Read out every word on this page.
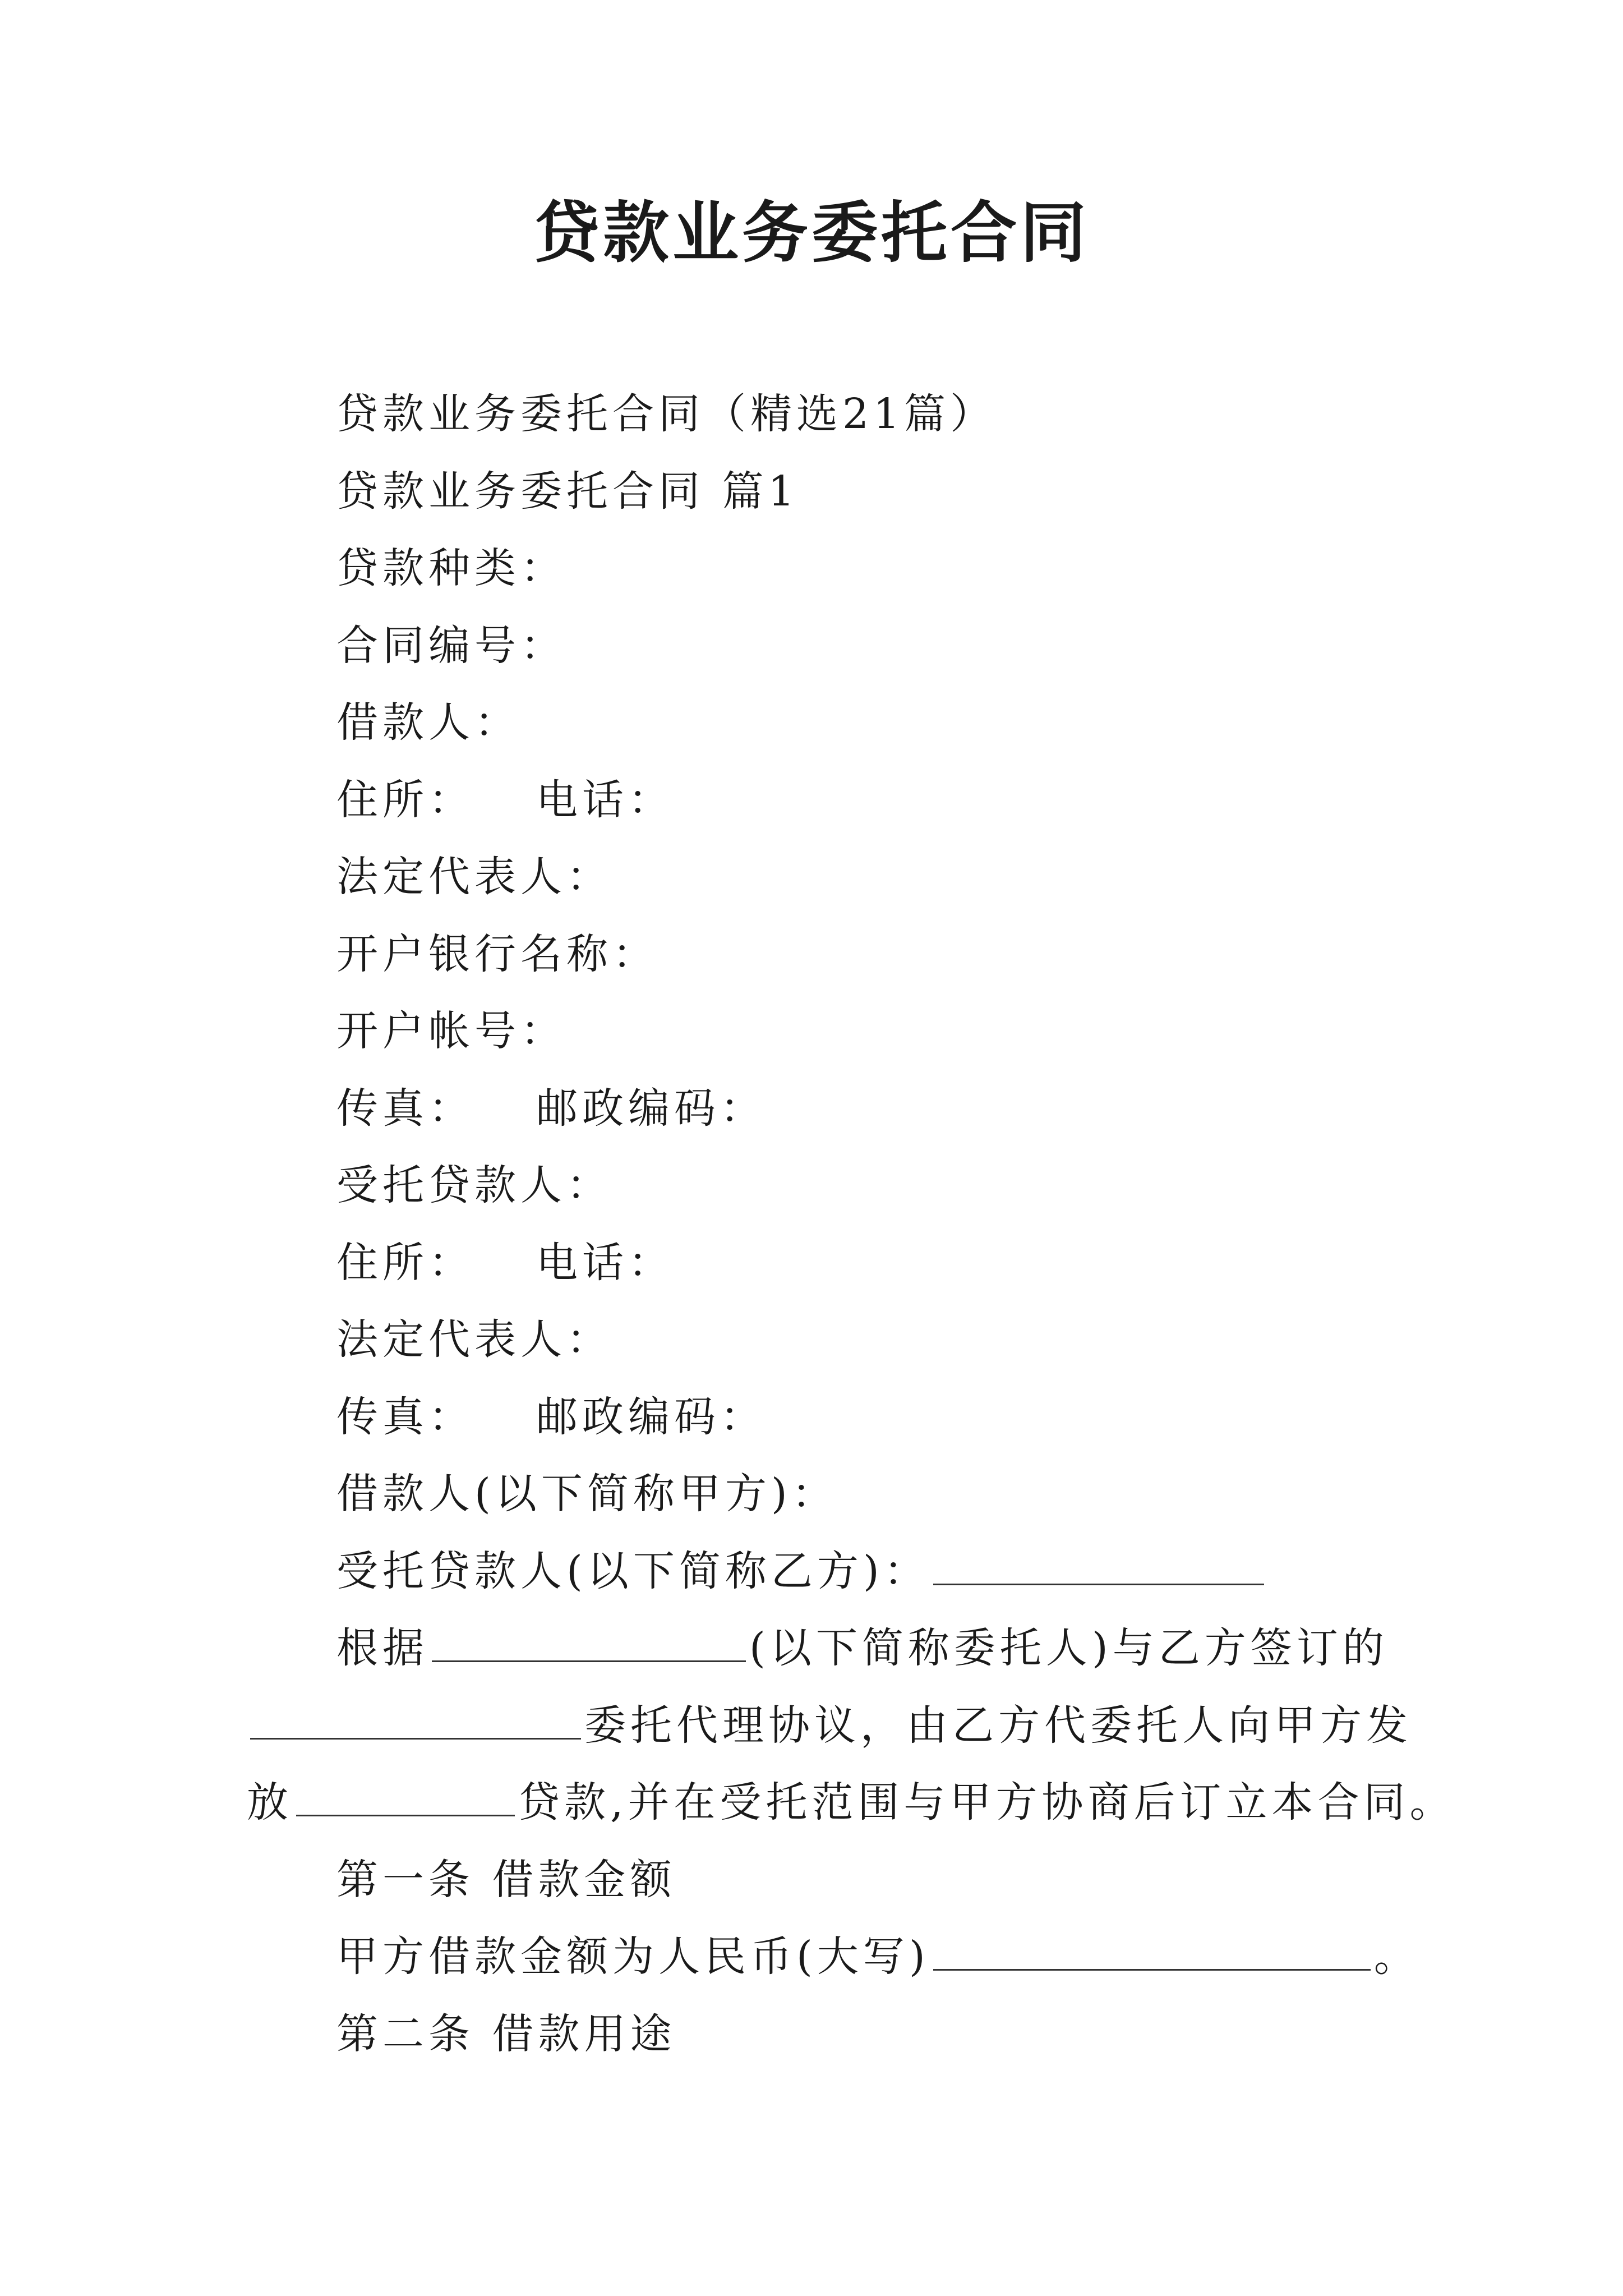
贷款业务委托合同
贷款业务委托合同（精选21篇）
贷款业务委托合同 篇1
贷款种类：
合同编号：
借款人：
住所： 电话：
法定代表人：
开户银行名称：
开户帐号：
传真： 邮政编码：
受托贷款人：
住所： 电话：
法定代表人：
传真： 邮政编码：
借款人(以下简称甲方)：
受托贷款人(以下简称乙方)：
根据	(以下简称委托人)与乙方签订的
委托代理协议，由乙方代委托人向甲方发
放	贷款,并在受托范围与甲方协商后订立本合同。
第一条 借款金额
甲方借款金额为人民币(大写)	。
第二条 借款用途
